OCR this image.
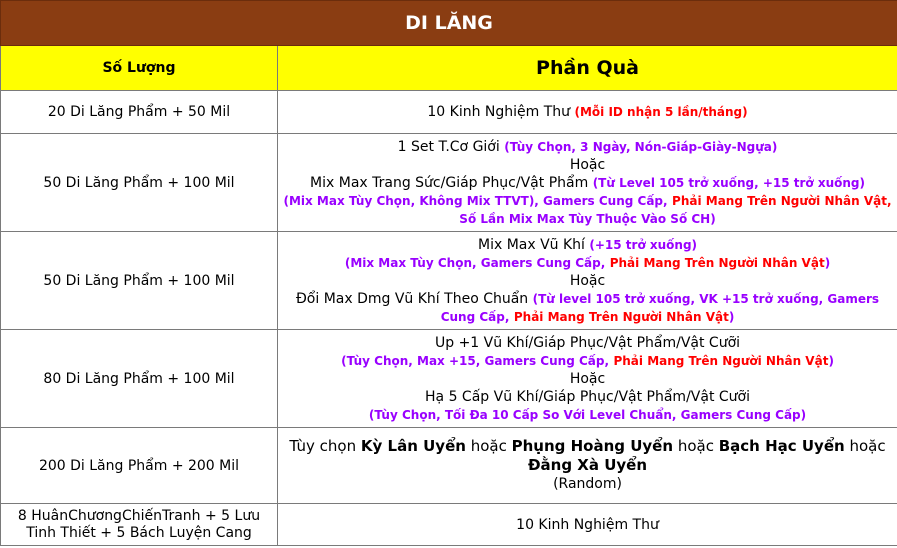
DI LĂNG	
Số Lượng	Phần Quà
20 Di Lăng Phẩm + 50 Mil	10 Kinh Nghiệm Thư (Mỗi ID nhận 5 lần/tháng)
50 Di Lăng Phẩm + 100 Mil	1 Set T.Cơ Giới (Tùy Chọn, 3 Ngày, Nón-Giáp-Giày-Ngựa)
Hoặc
Mix Max Trang Sức/Giáp Phục/Vật Phẩm (Từ Level 105 trở xuống, +15 trở xuống)
(Mix Max Tùy Chọn, Không Mix TTVT), Gamers Cung Cấp, Phải Mang Trên Người Nhân Vật,
Số Lần Mix Max Tùy Thuộc Vào Số CH)

50 Di Lăng Phẩm + 100 Mil	Mix Max Vũ Khí (+15 trở xuống)
(Mix Max Tùy Chọn, Gamers Cung Cấp, Phải Mang Trên Người Nhân Vật)
Hoặc
Đổi Max Dmg Vũ Khí Theo Chuẩn (Từ level 105 trở xuống, VK +15 trở xuống, Gamers
Cung Cấp, Phải Mang Trên Người Nhân Vật)

80 Di Lăng Phẩm + 100 Mil	Up +1 Vũ Khí/Giáp Phục/Vật Phẩm/Vật Cưỡi
(Tùy Chọn, Max +15, Gamers Cung Cấp, Phải Mang Trên Người Nhân Vật)
Hoặc
Hạ 5 Cấp Vũ Khí/Giáp Phục/Vật Phẩm/Vật Cưỡi
(Tùy Chọn, Tối Đa 10 Cấp So Với Level Chuẩn, Gamers Cung Cấp)

200 Di Lăng Phẩm + 200 Mil	Tùy chọn Kỳ Lân Uyển hoặc Phụng Hoàng Uyển hoặc Bạch Hạc Uyển hoặc
Đằng Xà Uyển
(Random)

8 HuânChươngChiếnTranh + 5 Lưu Tinh Thiết + 5 Bách Luyện Cang	10 Kinh Nghiệm Thư
